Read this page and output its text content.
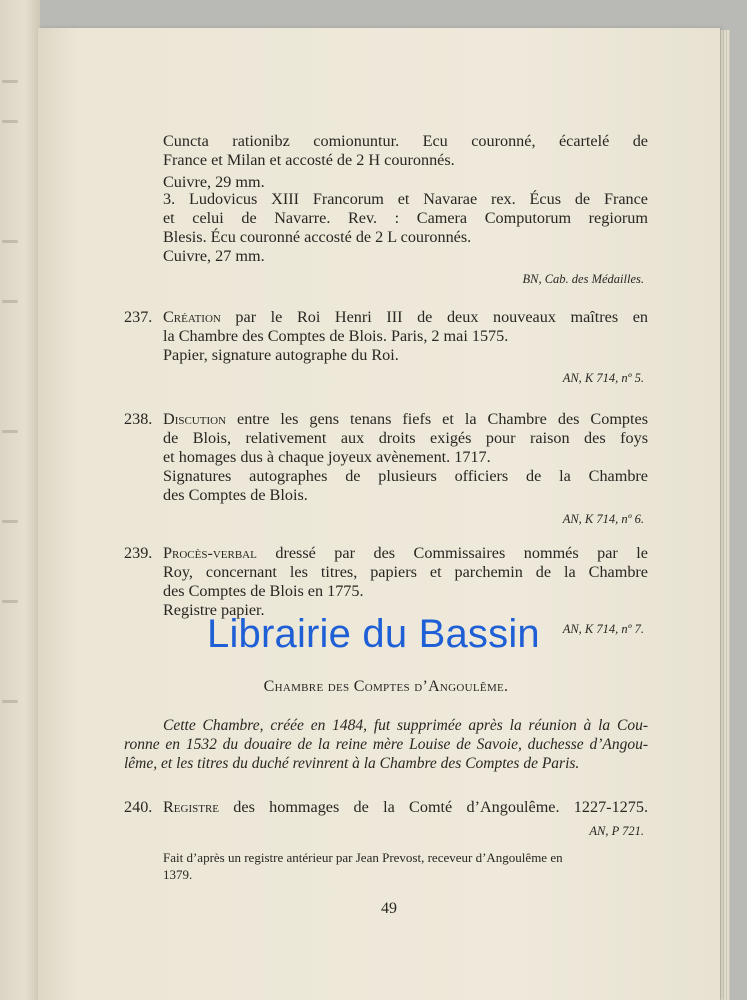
Cuncta rationibz comionuntur. Ecu couronné, écartelé de
France et Milan et accosté de 2 H couronnés.
Cuivre, 29 mm.
3. Ludovicus XIII Francorum et Navarae rex. Écus de France
et celui de Navarre. Rev. : Camera Computorum regiorum
Blesis. Écu couronné accosté de 2 L couronnés.
Cuivre, 27 mm.
BN, Cab. des Médailles.
237. Création par le Roi Henri III de deux nouveaux maîtres en
la Chambre des Comptes de Blois. Paris, 2 mai 1575.
Papier, signature autographe du Roi.
AN, K 714, nº 5.
238. Discution entre les gens tenans fiefs et la Chambre des Comptes
de Blois, relativement aux droits exigés pour raison des foys
et homages dus à chaque joyeux avènement. 1717.
Signatures autographes de plusieurs officiers de la Chambre
des Comptes de Blois.
AN, K 714, nº 6.
239. Procès-verbal dressé par des Commissaires nommés par le
Roy, concernant les titres, papiers et parchemin de la Chambre
des Comptes de Blois en 1775.
Registre papier.
AN, K 714, nº 7.
Chambre des Comptes d’Angoulême.
Cette Chambre, créée en 1484, fut supprimée après la réunion à la Cou-
ronne en 1532 du douaire de la reine mère Louise de Savoie, duchesse d’Angou-
lême, et les titres du duché revinrent à la Chambre des Comptes de Paris.
240. Registre des hommages de la Comté d’Angoulême. 1227-1275.
AN, P 721.
Fait d’après un registre antérieur par Jean Prevost, receveur d’Angoulême en
1379.
49
Librairie du Bassin
